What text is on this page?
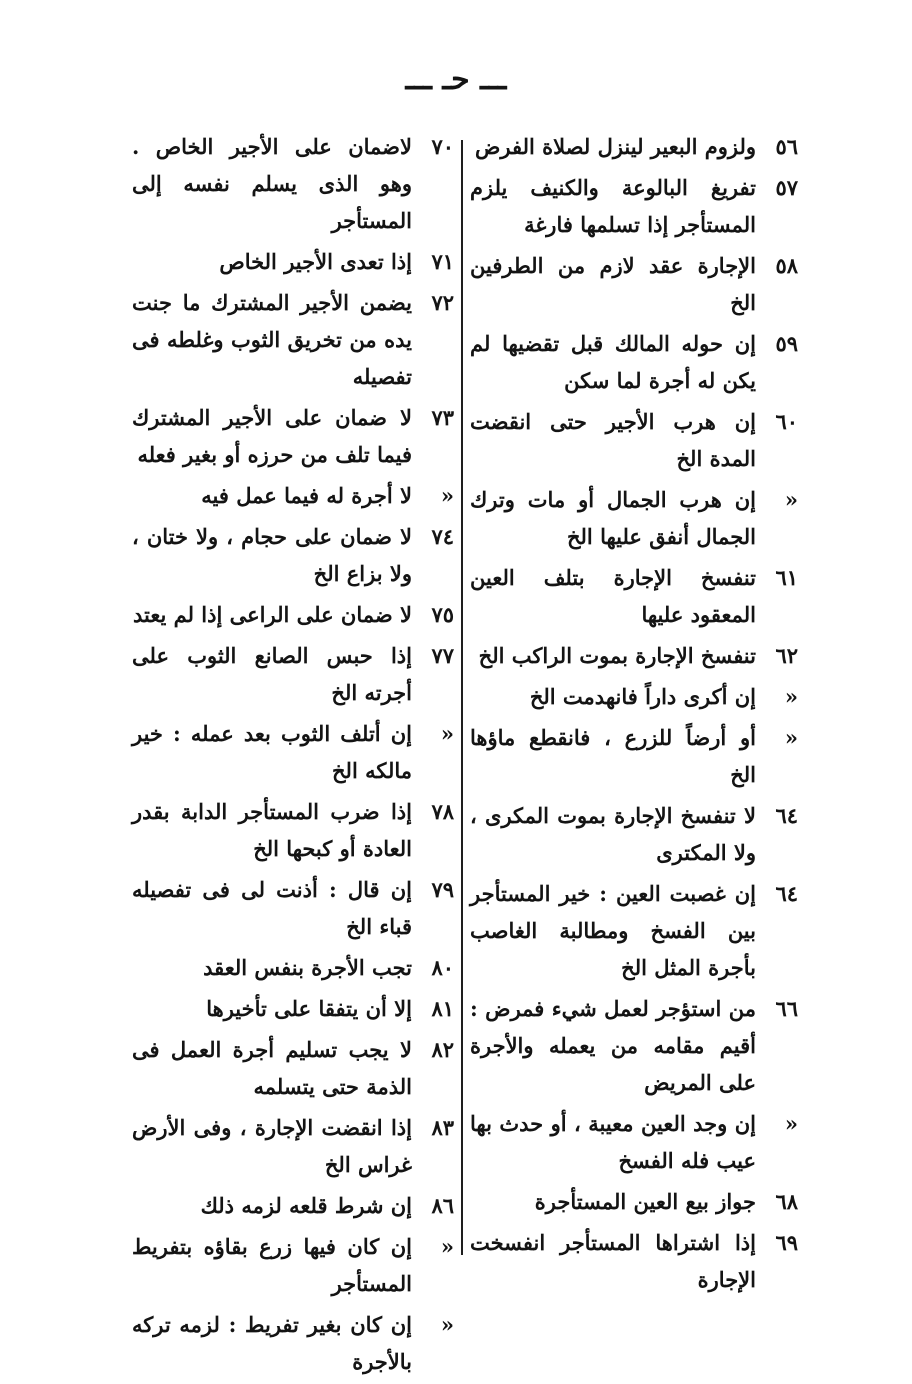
ـــ حـ ـــ
٥٦
ولزوم البعير لينزل لصلاة الفرض
٥٧
تفريغ البالوعة والكنيف يلزم المستأجر إذا تسلمها فارغة
٥٨
الإجارة عقد لازم من الطرفين الخ
٥٩
إن حوله المالك قبل تقضيها لم يكن له أجرة لما سكن
٦٠
إن هرب الأجير حتى انقضت المدة الخ
«
إن هرب الجمال أو مات وترك الجمال أنفق عليها الخ
٦١
تنفسخ الإجارة بتلف العين المعقود عليها
٦٢
تنفسخ الإجارة بموت الراكب الخ
«
إن أكرى داراً فانهدمت الخ
«
أو أرضاً للزرع ، فانقطع ماؤها الخ
٦٤
لا تنفسخ الإجارة بموت المكرى ، ولا المكترى
٦٤
إن غصبت العين : خير المستأجر بين الفسخ ومطالبة الغاصب بأجرة المثل الخ
٦٦
من استؤجر لعمل شيء فمرض : أقيم مقامه من يعمله والأجرة على المريض
«
إن وجد العين معيبة ، أو حدث بها عيب فله الفسخ
٦٨
جواز بيع العين المستأجرة
٦٩
إذا اشتراها المستأجر انفسخت الإجارة
٧٠
لاضمان على الأجير الخاص . وهو الذى يسلم نفسه إلى المستأجر
٧١
إذا تعدى الأجير الخاص
٧٢
يضمن الأجير المشترك ما جنت يده من تخريق الثوب وغلطه فى تفصيله
٧٣
لا ضمان على الأجير المشترك فيما تلف من حرزه أو بغير فعله
«
لا أجرة له فيما عمل فيه
٧٤
لا ضمان على حجام ، ولا ختان ، ولا بزاع الخ
٧٥
لا ضمان على الراعى إذا لم يعتد
٧٧
إذا حبس الصانع الثوب على أجرته الخ
«
إن أتلف الثوب بعد عمله : خير مالكه الخ
٧٨
إذا ضرب المستأجر الدابة بقدر العادة أو كبحها الخ
٧٩
إن قال : أذنت لى فى تفصيله قباء الخ
٨٠
تجب الأجرة بنفس العقد
٨١
إلا أن يتفقا على تأخيرها
٨٢
لا يجب تسليم أجرة العمل فى الذمة حتى يتسلمه
٨٣
إذا انقضت الإجارة ، وفى الأرض غراس الخ
٨٦
إن شرط قلعه لزمه ذلك
«
إن كان فيها زرع بقاؤه بتفريط المستأجر
«
إن كان بغير تفريط : لزمه تركه بالأجرة
